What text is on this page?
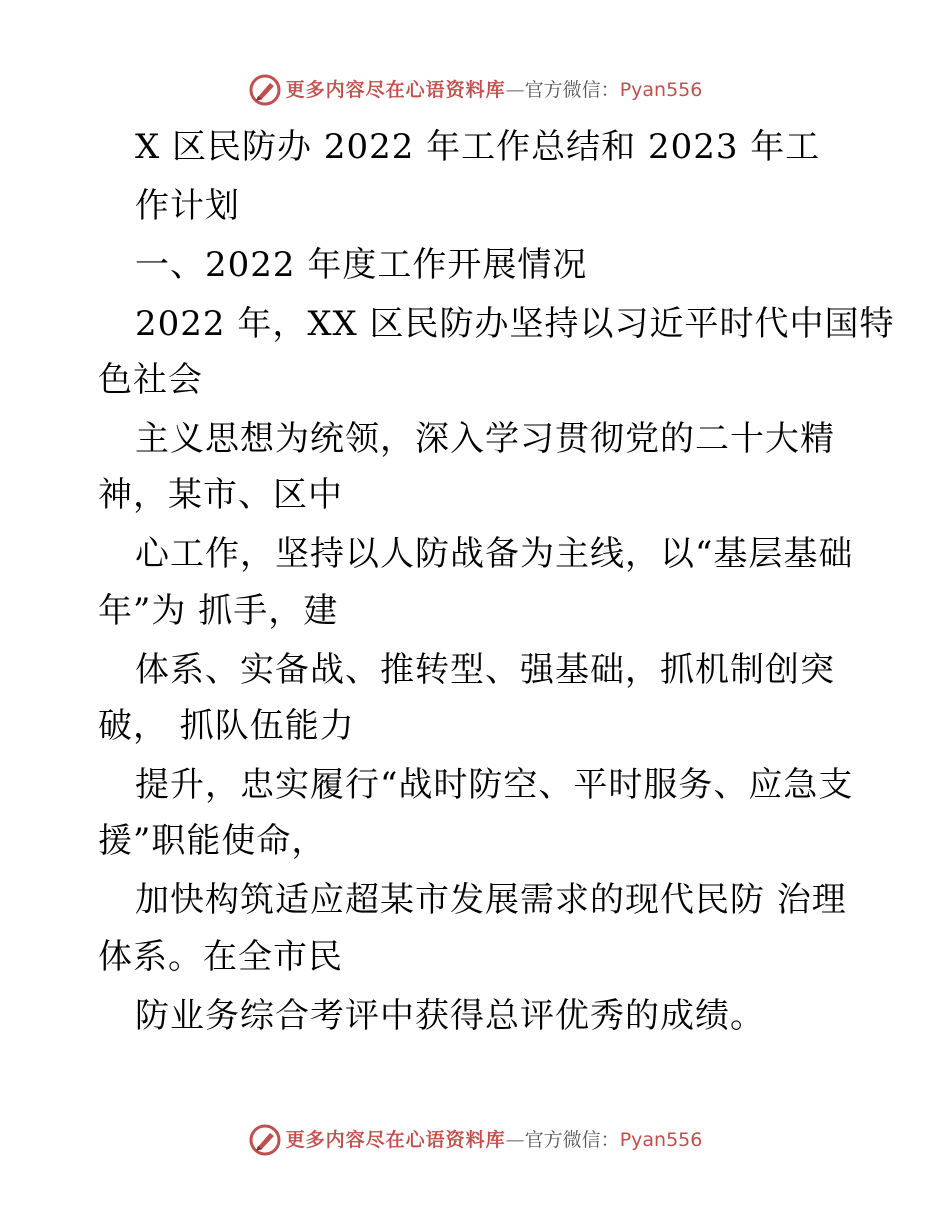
更多内容尽在心语资料库 — 官方微信： Pyan556
X 区民防办 2022 年工作总结和 2023 年工
作计划
一、2022 年度工作开展情况
2022 年，XX 区民防办坚持以习近平时代中国特
色社会
主义思想为统领，深入学习贯彻党的二十大精
神，某市、区中
心工作，坚持以人防战备为主线，以“基层基础
年”为 抓手，建
体系、实备战、推转型、强基础，抓机制创突
破， 抓队伍能力
提升，忠实履行“战时防空、平时服务、应急支
援”职能使命，
加快构筑适应超某市发展需求的现代民防 治理
体系。在全市民
防业务综合考评中获得总评优秀的成绩。
更多内容尽在心语资料库 — 官方微信： Pyan556
